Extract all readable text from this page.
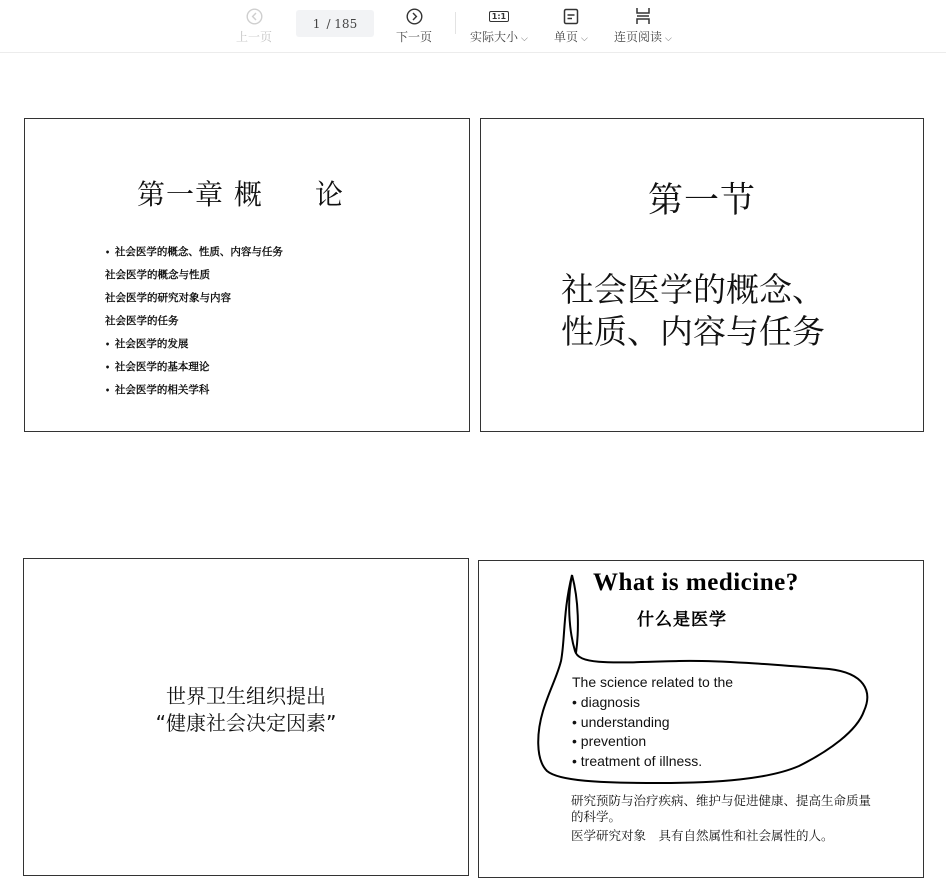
上一页
1 / 185
下一页
1:1
实际大小 ⌵ 单页 ⌵ 连页阅读 ⌵
第一章 概 论
• 社会医学的概念、性质、内容与任务
社会医学的概念与性质
社会医学的研究对象与内容
社会医学的任务
• 社会医学的发展
• 社会医学的基本理论
• 社会医学的相关学科
第一节
社会医学的概念、
性质、内容与任务
世界卫生组织提出
“健康社会决定因素”
What is medicine?
什么是医学
The science related to the
• diagnosis
• understanding
• prevention
• treatment of illness.
研究预防与治疗疾病、维护与促进健康、提高生命质量的科学。
医学研究对象　具有自然属性和社会属性的人。
